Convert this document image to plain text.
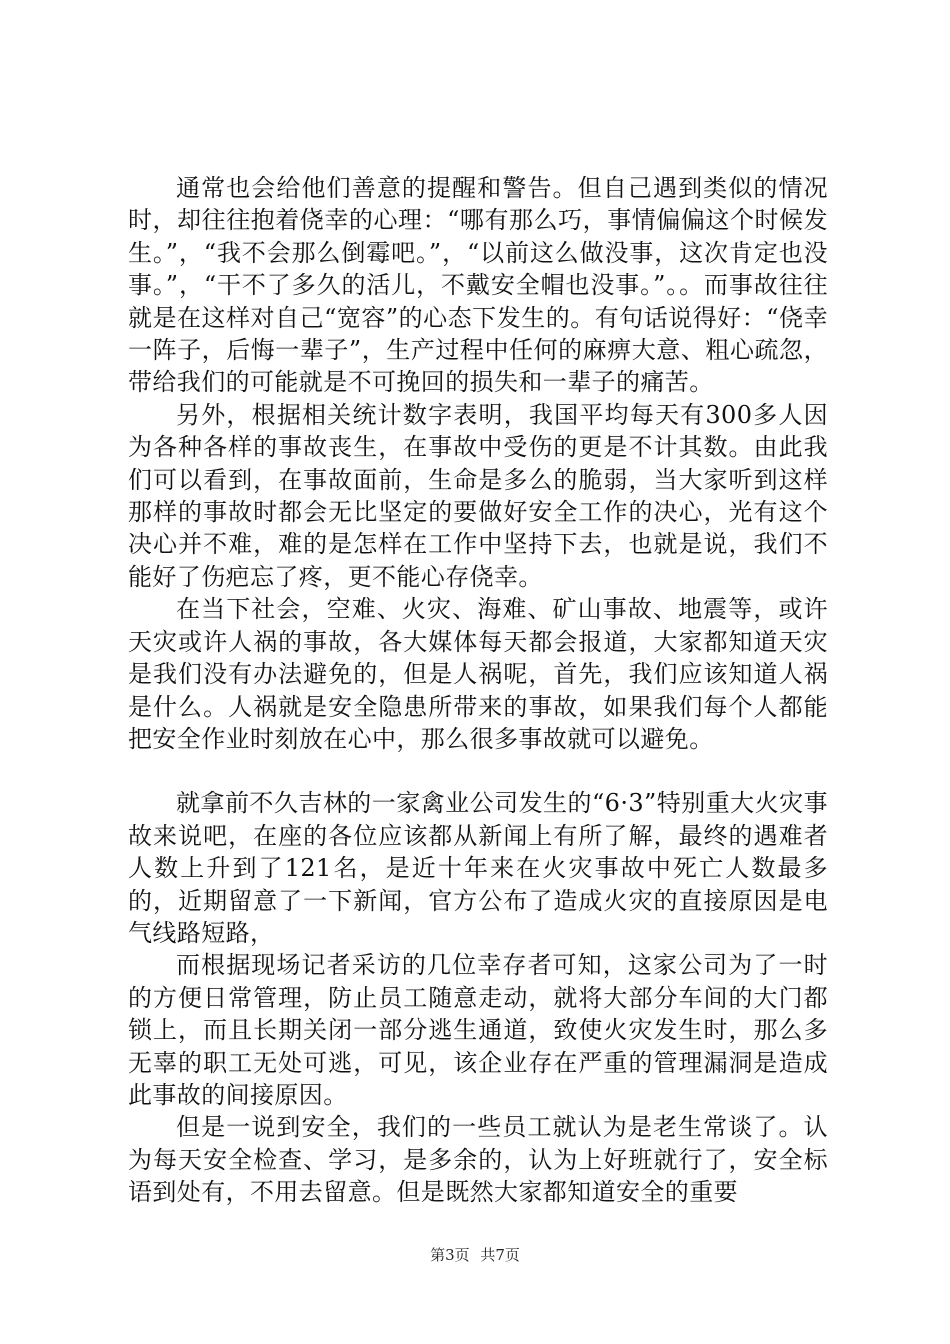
通常也会给他们善意的提醒和警告。但自己遇到类似的情况时，却往往抱着侥幸的心理：“哪有那么巧，事情偏偏这个时候发生。”，“我不会那么倒霉吧。”，“以前这么做没事，这次肯定也没事。”，“干不了多久的活儿，不戴安全帽也没事。”。。而事故往往就是在这样对自己“宽容”的心态下发生的。有句话说得好：“侥幸一阵子，后悔一辈子”，生产过程中任何的麻痹大意、粗心疏忽，带给我们的可能就是不可挽回的损失和一辈子的痛苦。

另外，根据相关统计数字表明，我国平均每天有300多人因为各种各样的事故丧生，在事故中受伤的更是不计其数。由此我们可以看到，在事故面前，生命是多么的脆弱，当大家听到这样那样的事故时都会无比坚定的要做好安全工作的决心，光有这个决心并不难，难的是怎样在工作中坚持下去，也就是说，我们不能好了伤疤忘了疼，更不能心存侥幸。

在当下社会，空难、火灾、海难、矿山事故、地震等，或许天灾或许人祸的事故，各大媒体每天都会报道，大家都知道天灾是我们没有办法避免的，但是人祸呢，首先，我们应该知道人祸是什么。人祸就是安全隐患所带来的事故，如果我们每个人都能把安全作业时刻放在心中，那么很多事故就可以避免。

就拿前不久吉林的一家禽业公司发生的“6·3”特别重大火灾事故来说吧，在座的各位应该都从新闻上有所了解，最终的遇难者人数上升到了121名，是近十年来在火灾事故中死亡人数最多的，近期留意了一下新闻，官方公布了造成火灾的直接原因是电气线路短路，

而根据现场记者采访的几位幸存者可知，这家公司为了一时的方便日常管理，防止员工随意走动，就将大部分车间的大门都锁上，而且长期关闭一部分逃生通道，致使火灾发生时，那么多无辜的职工无处可逃，可见，该企业存在严重的管理漏洞是造成此事故的间接原因。

但是一说到安全，我们的一些员工就认为是老生常谈了。认为每天安全检查、学习，是多余的，认为上好班就行了，安全标语到处有，不用去留意。但是既然大家都知道安全的重要

第3页 共7页
